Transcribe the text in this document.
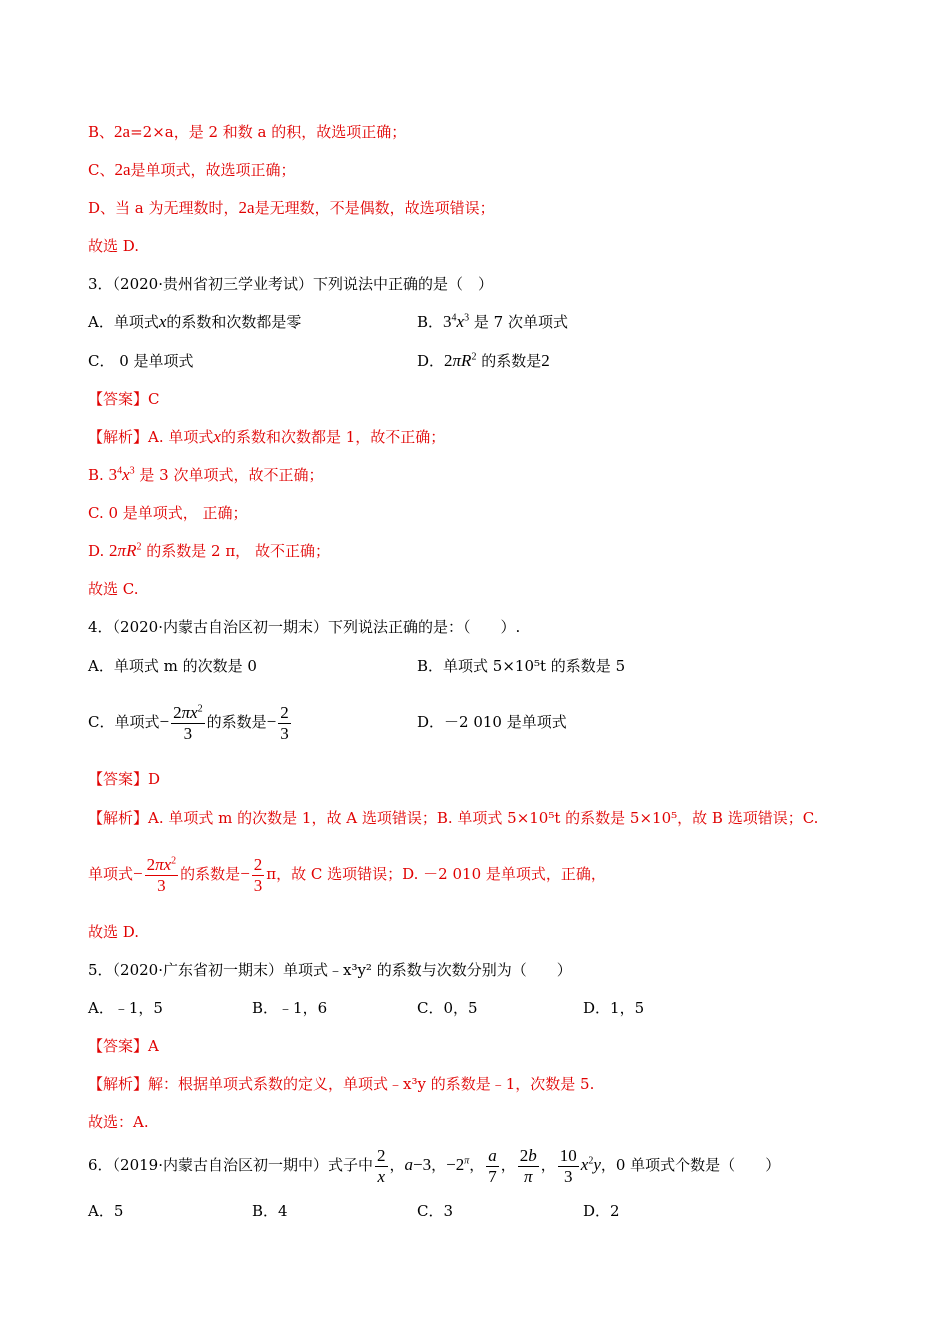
B、2a=2×a，是 2 和数 a 的积，故选项正确；
C、2a是单项式，故选项正确；
D、当 a 为无理数时，2a是无理数，不是偶数，故选项错误；
故选 D.
3．（2020·贵州省初三学业考试）下列说法中正确的是（　）
A．单项式x的系数和次数都是零	B．$3^4x^3$ 是 7 次单项式
C． 0 是单项式	D．$2\pi R^2$ 的系数是2
【答案】C
【解析】A. 单项式x的系数和次数都是 1，故不正确；
B. $3^4x^3$ 是 3 次单项式，故不正确；
C. 0 是单项式， 正确；
D. $2\pi R^2$ 的系数是 2 π， 故不正确；
故选 C.
4．（2020·内蒙古自治区初一期末）下列说法正确的是：（　　）.
A．单项式 m 的次数是 0	B．单项式 5×10⁵t 的系数是 5
C．单项式− $\frac{2\pi x^2}{3}$ 的系数是− $\frac{2}{3}$	D．－2 010 是单项式
【答案】D
【解析】A. 单项式 m 的次数是 1，故 A 选项错误；B. 单项式 5×10⁵t 的系数是 5×10⁵，故 B 选项错误；C.
单项式− $\frac{2\pi x^2}{3}$ 的系数是− $\frac{2}{3}$ π，故 C 选项错误；D. －2 010 是单项式，正确，
故选 D.
5．（2020·广东省初一期末）单项式﹣x³y² 的系数与次数分别为（　　）
A．﹣1，5	B．﹣1，6	C．0，5	D．1，5
【答案】A
【解析】解：根据单项式系数的定义，单项式﹣x³y 的系数是﹣1，次数是 5.
故选：A.
6．（2019·内蒙古自治区初一期中）式子中 $\frac{2}{x}$ ，a−3，$-2^\pi$， $\frac{a}{7}$ ， $\frac{2b}{\pi}$ ， $\frac{10}{3} x^2y$，0 单项式个数是（　　）
A．5	B．4	C．3	D．2
